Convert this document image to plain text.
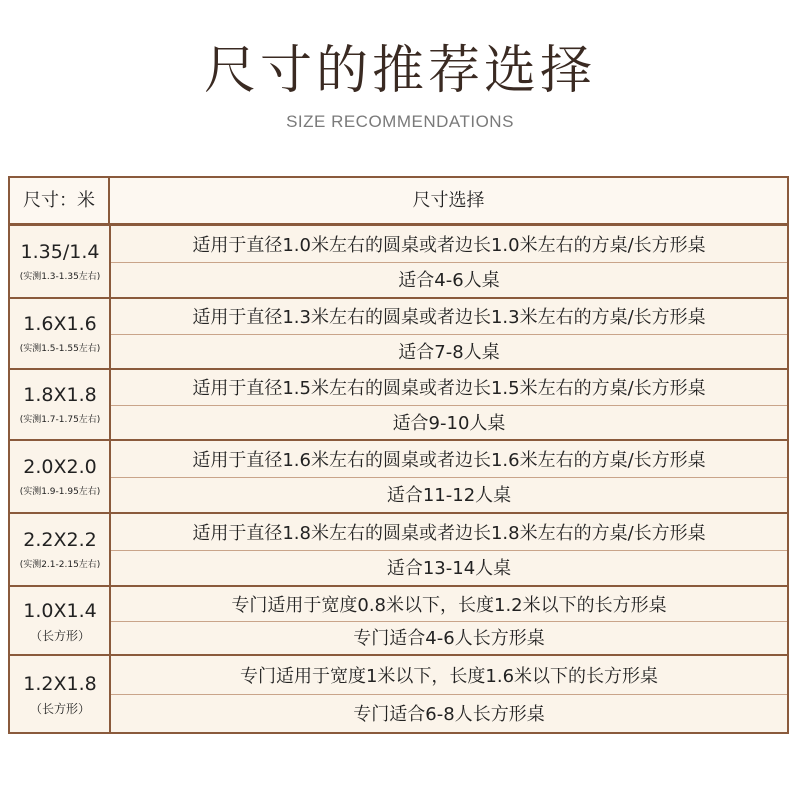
尺寸的推荐选择
SIZE RECOMMENDATIONS
尺寸：米	尺寸选择
1.35/1.4
(实测1.3-1.35左右)
适用于直径1.0米左右的圆桌或者边长1.0米左右的方桌/长方形桌
适合4-6人桌
1.6X1.6
(实测1.5-1.55左右)
适用于直径1.3米左右的圆桌或者边长1.3米左右的方桌/长方形桌
适合7-8人桌
1.8X1.8
(实测1.7-1.75左右)
适用于直径1.5米左右的圆桌或者边长1.5米左右的方桌/长方形桌
适合9-10人桌
2.0X2.0
(实测1.9-1.95左右)
适用于直径1.6米左右的圆桌或者边长1.6米左右的方桌/长方形桌
适合11-12人桌
2.2X2.2
(实测2.1-2.15左右)
适用于直径1.8米左右的圆桌或者边长1.8米左右的方桌/长方形桌
适合13-14人桌
1.0X1.4
（长方形）
专门适用于宽度0.8米以下，长度1.2米以下的长方形桌
专门适合4-6人长方形桌
1.2X1.8
（长方形）
专门适用于宽度1米以下，长度1.6米以下的长方形桌
专门适合6-8人长方形桌
